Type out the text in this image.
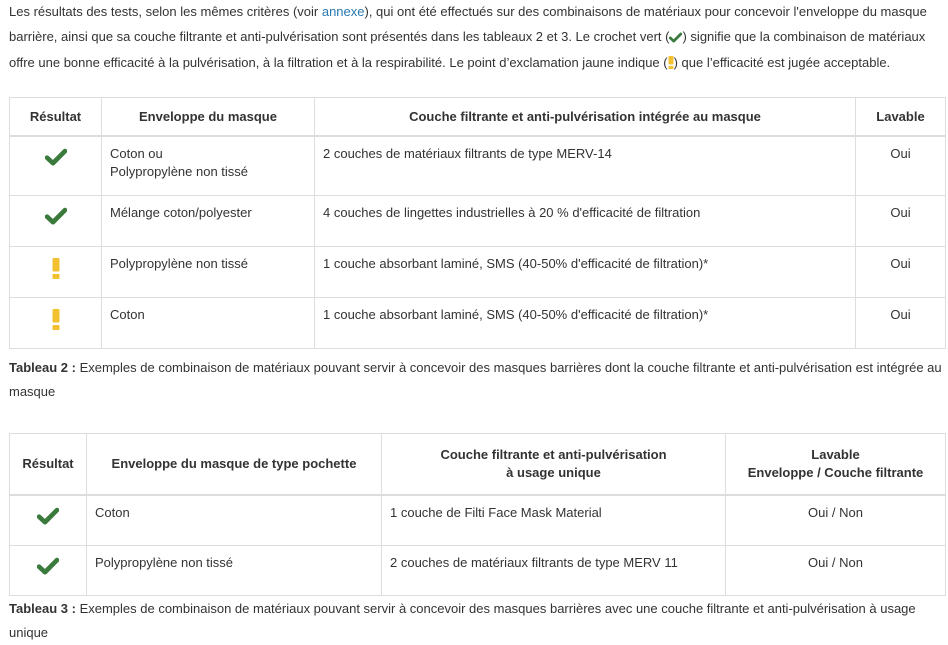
Les résultats des tests, selon les mêmes critères (voir annexe), qui ont été effectués sur des combinaisons de matériaux pour concevoir l'enveloppe du masque barrière, ainsi que sa couche filtrante et anti-pulvérisation sont présentés dans les tableaux 2 et 3. Le crochet vert ( ) signifie que la combinaison de matériaux offre une bonne efficacité à la pulvérisation, à la filtration et à la respirabilité. Le point d’exclamation jaune indique ( ) que l’efficacité est jugée acceptable.

Résultat	Enveloppe du masque	Couche filtrante et anti-pulvérisation intégrée au masque	Lavable

	Coton ou
Polypropylène non tissé	2 couches de matériaux filtrants de type MERV-14	Oui

	Mélange coton/polyester	4 couches de lingettes industrielles à 20 % d'efficacité de filtration	Oui

	Polypropylène non tissé	1 couche absorbant laminé, SMS (40-50% d'efficacité de filtration)*	Oui

	Coton	1 couche absorbant laminé, SMS (40-50% d'efficacité de filtration)*	Oui

Tableau 2 : Exemples de combinaison de matériaux pouvant servir à concevoir des masques barrières dont la couche filtrante et anti-pulvérisation est intégrée au masque

Résultat	Enveloppe du masque de type pochette	Couche filtrante et anti-pulvérisation
à usage unique	Lavable
Enveloppe / Couche filtrante

	Coton	1 couche de Filti Face Mask Material	Oui / Non

	Polypropylène non tissé	2 couches de matériaux filtrants de type MERV 11	Oui / Non

Tableau 3 : Exemples de combinaison de matériaux pouvant servir à concevoir des masques barrières avec une couche filtrante et anti-pulvérisation à usage unique
